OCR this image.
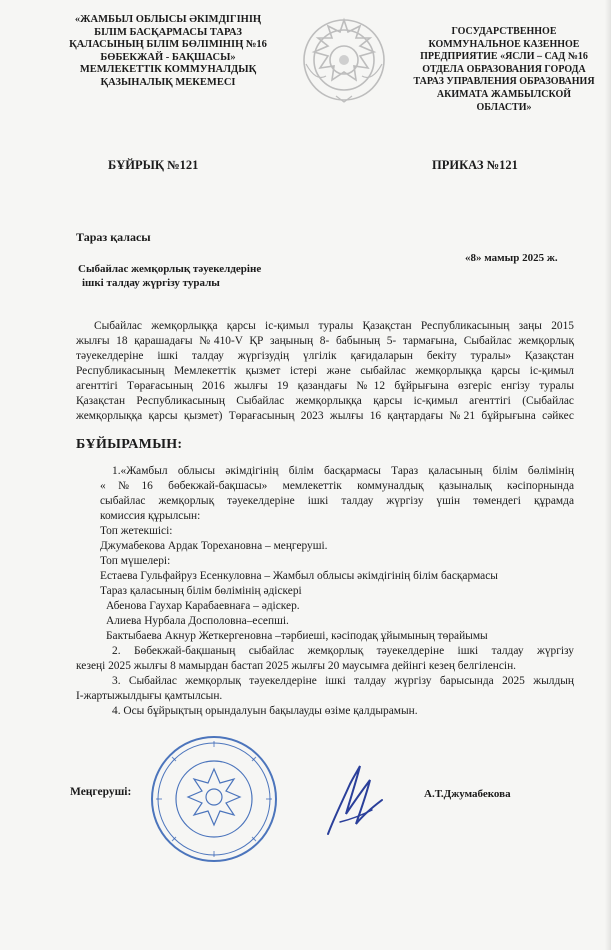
«ЖАМБЫЛ ОБЛЫСЫ ӘКІМДІГІНІҢ
БІЛІМ БАСҚАРМАСЫ ТАРАЗ
ҚАЛАСЫНЫҢ БІЛІМ БӨЛІМІНІҢ №16
БӨБЕКЖАЙ - БАҚШАСЫ»
МЕМЛЕКЕТТІК КОММУНАЛДЫҚ
ҚАЗЫНАЛЫҚ МЕКЕМЕСІ
ГОСУДАРСТВЕННОЕ
КОММУНАЛЬНОЕ КАЗЕННОЕ
ПРЕДПРИЯТИЕ «ЯСЛИ – САД №16
ОТДЕЛА ОБРАЗОВАНИЯ ГОРОДА
ТАРАЗ УПРАВЛЕНИЯ ОБРАЗОВАНИЯ
АКИМАТА ЖАМБЫЛСКОЙ
ОБЛАСТИ»
БҰЙРЫҚ №121	ПРИКАЗ №121
Тараз қаласы
«8» мамыр 2025 ж.
Сыбайлас жемқорлық тәуекелдеріне
ішкі талдау жүргізу туралы
Сыбайлас жемқорлыққа қарсы іс-қимыл туралы Қазақстан Республикасының заңы 2015
жылғы 18 қарашадағы №410-V ҚР заңының 8- бабының 5- тармағына, Сыбайлас жемқорлық
тәуекелдеріне ішкі талдау жүргізудің үлгілік қағидаларын бекіту туралы» Қазақстан
Республикасының Мемлекеттік қызмет істері және сыбайлас жемқорлыққа қарсы іс-қимыл
агенттігі Төрағасының 2016 жылғы 19 қазандағы №12 бұйрығына өзгеріс енгізу туралы
Қазақстан Республикасының Сыбайлас жемқорлыққа қарсы іс-қимыл агенттігі (Сыбайлас
жемқорлыққа қарсы қызмет) Төрағасының 2023 жылғы 16 қаңтардағы №21 бұйрығына сәйкес
БҰЙЫРАМЫН:
1.«Жамбыл облысы әкімдігінің білім басқармасы Тараз қаласының білім бөлімінің
«№16 бөбекжай-бақшасы» мемлекеттік коммуналдық қазыналық кәсіпорнында
сыбайлас жемқорлық тәуекелдеріне ішкі талдау жүргізу үшін төмендегі құрамда
комиссия құрылсын:
Топ жетекшісі:
Джумабекова Ардак Торехановна – меңгеруші.
Топ мүшелері:
Естаева Гульфайруз Есенкуловна – Жамбыл облысы әкімдігінің білім басқармасы
Тараз қаласының білім бөлімінің әдіскері
Абенова Гаухар Карабаевнаға – әдіскер.
Алиева Нурбала Досполовна–есепші.
Бактыбаева Акнур Жеткергеновна –тәрбиеші, кәсіподақ ұйымының төрайымы
2. Бөбекжай-бақшаның сыбайлас жемқорлық тәуекелдеріне ішкі талдау жүргізу
кезеңі 2025 жылғы 8 мамырдан бастап 2025 жылғы 20 маусымға дейінгі кезең белгіленсін.
3. Сыбайлас жемқорлық тәуекелдеріне ішкі талдау жүргізу барысында 2025 жылдың
I-жартыжылдығы қамтылсын.
4. Осы бұйрықтың орындалуын бақылауды өзіме қалдырамын.
Меңгеруші:	А.Т.Джумабекова
